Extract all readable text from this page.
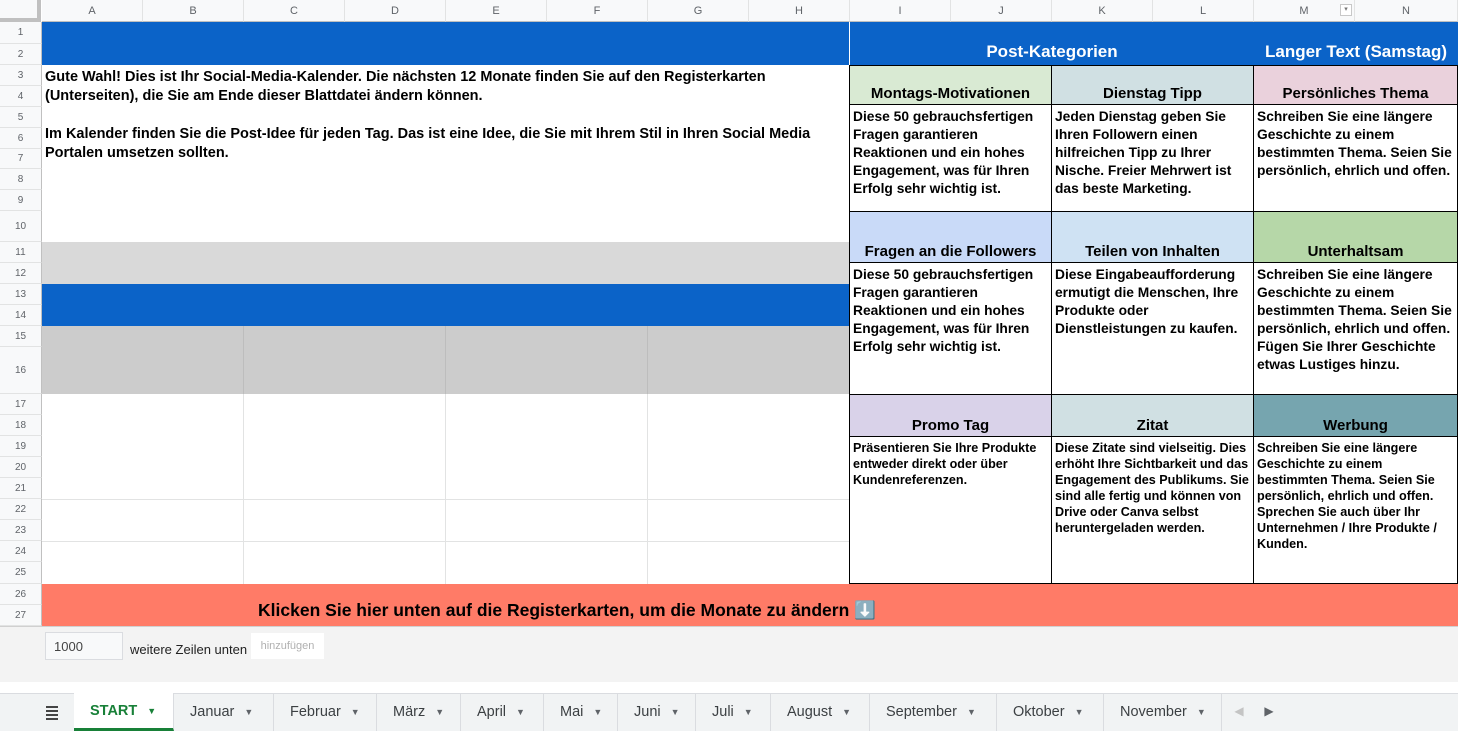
A	B	C	D	E	F	G	H	I	J	K	L	M	▾	N
1
2
3
4
5
6
7
8
9
10
11
12
13
14
15
16
17
18
19
20
21
22
23
24
25
26
27
Post-Kategorien	Langer Text (Samstag)

Gute Wahl! Dies ist Ihr Social-Media-Kalender. Die nächsten 12 Monate finden Sie auf den Registerkarten (Unterseiten), die Sie am Ende dieser Blattdatei ändern können.

Im Kalender finden Sie die Post-Idee für jeden Tag. Das ist eine Idee, die Sie mit Ihrem Stil in Ihren Social Media Portalen umsetzen sollten.

Montags-Motivationen	Dienstag Tipp	Persönliches Thema
Diese 50 gebrauchsfertigen Fragen garantieren Reaktionen und ein hohes Engagement, was für Ihren Erfolg sehr wichtig ist.
Jeden Dienstag geben Sie Ihren Followern einen hilfreichen Tipp zu Ihrer Nische. Freier Mehrwert ist das beste Marketing.
Schreiben Sie eine längere Geschichte zu einem bestimmten Thema. Seien Sie persönlich, ehrlich und offen.
Fragen an die Followers	Teilen von Inhalten	Unterhaltsam
Diese 50 gebrauchsfertigen Fragen garantieren Reaktionen und ein hohes Engagement, was für Ihren Erfolg sehr wichtig ist.
Diese Eingabeaufforderung ermutigt die Menschen, Ihre Produkte oder Dienstleistungen zu kaufen.
Schreiben Sie eine längere Geschichte zu einem bestimmten Thema. Seien Sie persönlich, ehrlich und offen. Fügen Sie Ihrer Geschichte etwas Lustiges hinzu.
Promo Tag	Zitat	Werbung
Präsentieren Sie Ihre Produkte entweder direkt oder über Kundenreferenzen.
Diese Zitate sind vielseitig. Dies erhöht Ihre Sichtbarkeit und das Engagement des Publikums. Sie sind alle fertig und können von Drive oder Canva selbst heruntergeladen werden.
Schreiben Sie eine längere Geschichte zu einem bestimmten Thema. Seien Sie persönlich, ehrlich und offen. Sprechen Sie auch über Ihr Unternehmen / Ihre Produkte / Kunden.
Klicken Sie hier unten auf die Registerkarten, um die Monate zu ändern ⬇️
1000	weitere Zeilen unten	hinzufügen
START ▼ Januar ▼	Februar ▼ März ▼ April ▼ Mai ▼ Juni ▼ Juli ▼ August ▼ September ▼	Oktober ▼	November ▼	◀	▶
